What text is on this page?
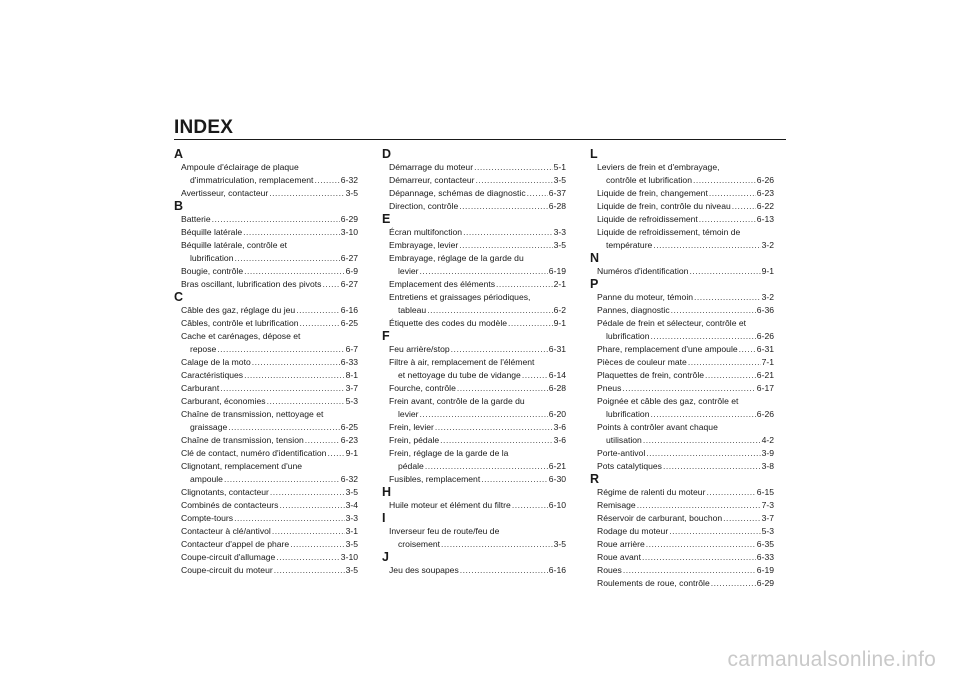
INDEX
A
Ampoule d'éclairage de plaque
d'immatriculation, remplacement .....	6-32
Avertisseur, contacteur .....	3-5
B
Batterie .....	6-29
Béquille latérale .....	3-10
Béquille latérale, contrôle et
lubrification .....	6-27
Bougie, contrôle .....	6-9
Bras oscillant, lubrification des pivots ..... 6-27
C
Câble des gaz, réglage du jeu .....	6-16
Câbles, contrôle et lubrification .....	6-25
Cache et carénages, dépose et
repose .....	6-7
Calage de la moto .....	6-33
Caractéristiques .....	8-1
Carburant .....	3-7
Carburant, économies .....	5-3
Chaîne de transmission, nettoyage et
graissage .....	6-25
Chaîne de transmission, tension .....	6-23
Clé de contact, numéro d'identification ..... 9-1
Clignotant, remplacement d'une
ampoule .....	6-32
Clignotants, contacteur .....	3-5
Combinés de contacteurs .....	3-4
Compte-tours .....	3-3
Contacteur à clé/antivol .....	3-1
Contacteur d'appel de phare .....	3-5
Coupe-circuit d'allumage .....	3-10
Coupe-circuit du moteur .....	3-5
D
Démarrage du moteur .....	5-1
Démarreur, contacteur .....	3-5
Dépannage, schémas de diagnostic .....	6-37
Direction, contrôle .....	6-28
E
Écran multifonction .....	3-3
Embrayage, levier .....	3-5
Embrayage, réglage de la garde du
levier .....	6-19
Emplacement des éléments .....	2-1
Entretiens et graissages périodiques,
tableau .....	6-2
Étiquette des codes du modèle .....	9-1
F
Feu arrière/stop .....	6-31
Filtre à air, remplacement de l'élément
et nettoyage du tube de vidange .....	6-14
Fourche, contrôle .....	6-28
Frein avant, contrôle de la garde du
levier .....	6-20
Frein, levier .....	3-6
Frein, pédale .....	3-6
Frein, réglage de la garde de la
pédale .....	6-21
Fusibles, remplacement .....	6-30
H
Huile moteur et élément du filtre .....	6-10
I
Inverseur feu de route/feu de
croisement .....	3-5
J
Jeu des soupapes .....	6-16
L
Leviers de frein et d'embrayage,
contrôle et lubrification .....	6-26
Liquide de frein, changement .....	6-23
Liquide de frein, contrôle du niveau .....	6-22
Liquide de refroidissement .....	6-13
Liquide de refroidissement, témoin de
température .....	3-2
N
Numéros d'identification .....	9-1
P
Panne du moteur, témoin .....	3-2
Pannes, diagnostic .....	6-36
Pédale de frein et sélecteur, contrôle et
lubrification .....	6-26
Phare, remplacement d'une ampoule ..... 6-31
Pièces de couleur mate .....	7-1
Plaquettes de frein, contrôle .....	6-21
Pneus .....	6-17
Poignée et câble des gaz, contrôle et
lubrification .....	6-26
Points à contrôler avant chaque
utilisation .....	4-2
Porte-antivol .....	3-9
Pots catalytiques .....	3-8
R
Régime de ralenti du moteur .....	6-15
Remisage .....	7-3
Réservoir de carburant, bouchon .....	3-7
Rodage du moteur .....	5-3
Roue arrière .....	6-35
Roue avant .....	6-33
Roues .....	6-19
Roulements de roue, contrôle .....	6-29
carmanualsonline.info
